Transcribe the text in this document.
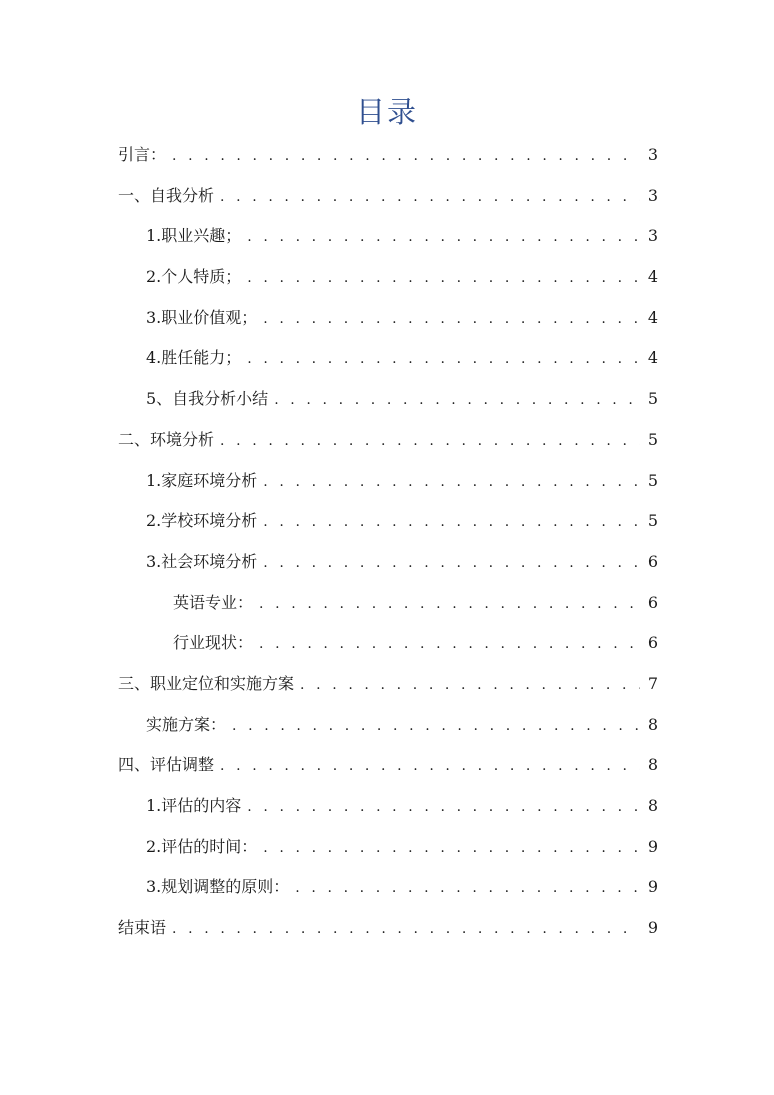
目录
引言： . . .	3
一、自我分析 . . .	3
1.职业兴趣； . . .	3
2.个人特质； . . .	4
3.职业价值观； . . .	4
4.胜任能力； . . .	4
5、自我分析小结 . . .	5
二、环境分析 . . .	5
1.家庭环境分析 . . .	5
2.学校环境分析 . . .	5
3.社会环境分析 . . .	6
英语专业： . . .	6
行业现状： . . .	6
三、职业定位和实施方案 . . .	7
实施方案： . . .	8
四、评估调整 . . .	8
1.评估的内容 . . .	8
2.评估的时间： . . .	9
3.规划调整的原则： . . .	9
结束语 . . .	9
